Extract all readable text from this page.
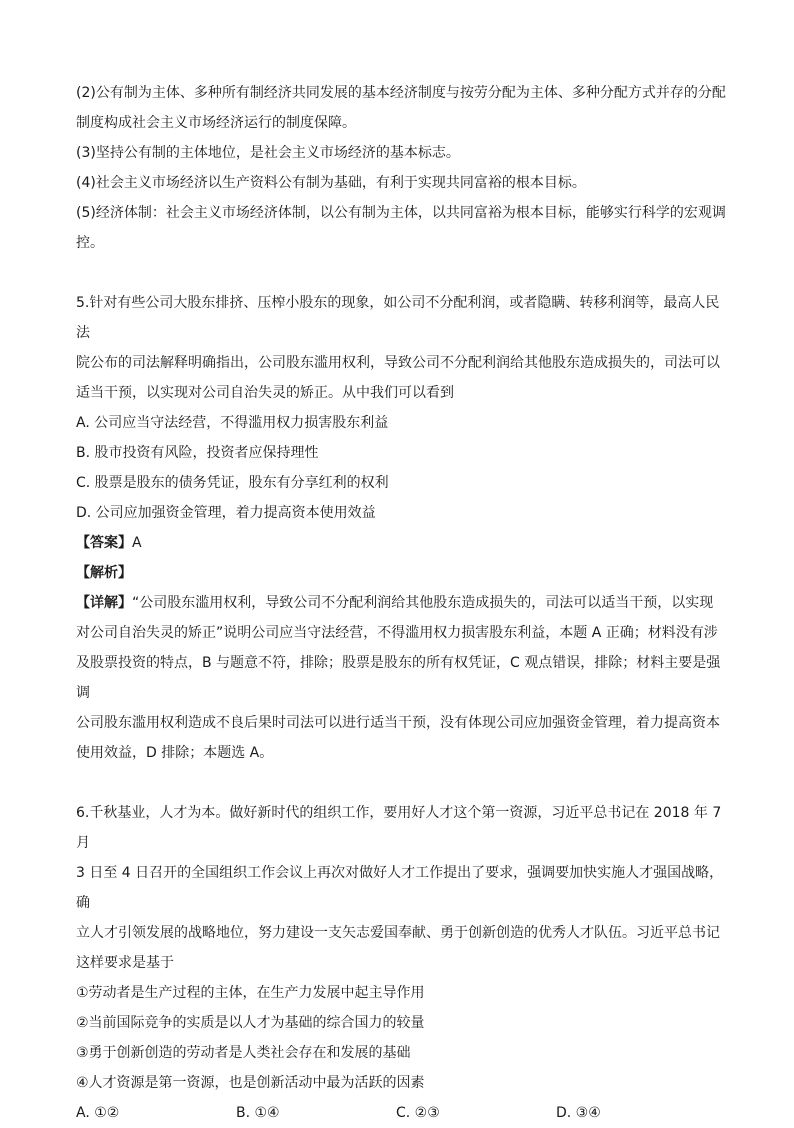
(2)公有制为主体、多种所有制经济共同发展的基本经济制度与按劳分配为主体、多种分配方式并存的分配

制度构成社会主义市场经济运行的制度保障。

(3)坚持公有制的主体地位，是社会主义市场经济的基本标志。

(4)社会主义市场经济以生产资料公有制为基础，有利于实现共同富裕的根本目标。

(5)经济体制：社会主义市场经济体制，以公有制为主体，以共同富裕为根本目标，能够实行科学的宏观调

控。

5.针对有些公司大股东排挤、压榨小股东的现象，如公司不分配利润，或者隐瞒、转移利润等，最高人民法

院公布的司法解释明确指出，公司股东滥用权利，导致公司不分配利润给其他股东造成损失的，司法可以

适当干预，以实现对公司自治失灵的矫正。从中我们可以看到

A. 公司应当守法经营，不得滥用权力损害股东利益

B. 股市投资有风险，投资者应保持理性

C. 股票是股东的债务凭证，股东有分享红利的权利

D. 公司应加强资金管理，着力提高资本使用效益

【答案】A

【解析】

【详解】“公司股东滥用权利，导致公司不分配利润给其他股东造成损失的，司法可以适当干预，以实现

对公司自治失灵的矫正”说明公司应当守法经营，不得滥用权力损害股东利益，本题 A 正确；材料没有涉

及股票投资的特点，B 与题意不符，排除；股票是股东的所有权凭证，C 观点错误，排除；材料主要是强调

公司股东滥用权利造成不良后果时司法可以进行适当干预，没有体现公司应加强资金管理，着力提高资本

使用效益，D 排除；本题选 A。

6.千秋基业，人才为本。做好新时代的组织工作，要用好人才这个第一资源，习近平总书记在 2018 年 7 月

3 日至 4 日召开的全国组织工作会议上再次对做好人才工作提出了要求，强调要加快实施人才强国战略，确

立人才引领发展的战略地位，努力建设一支矢志爱国奉献、勇于创新创造的优秀人才队伍。习近平总书记

这样要求是基于

①劳动者是生产过程的主体，在生产力发展中起主导作用

②当前国际竞争的实质是以人才为基础的综合国力的较量

③勇于创新创造的劳动者是人类社会存在和发展的基础

④人才资源是第一资源，也是创新活动中最为活跃的因素

A. ①②	B. ①④	C. ②③	D. ③④
